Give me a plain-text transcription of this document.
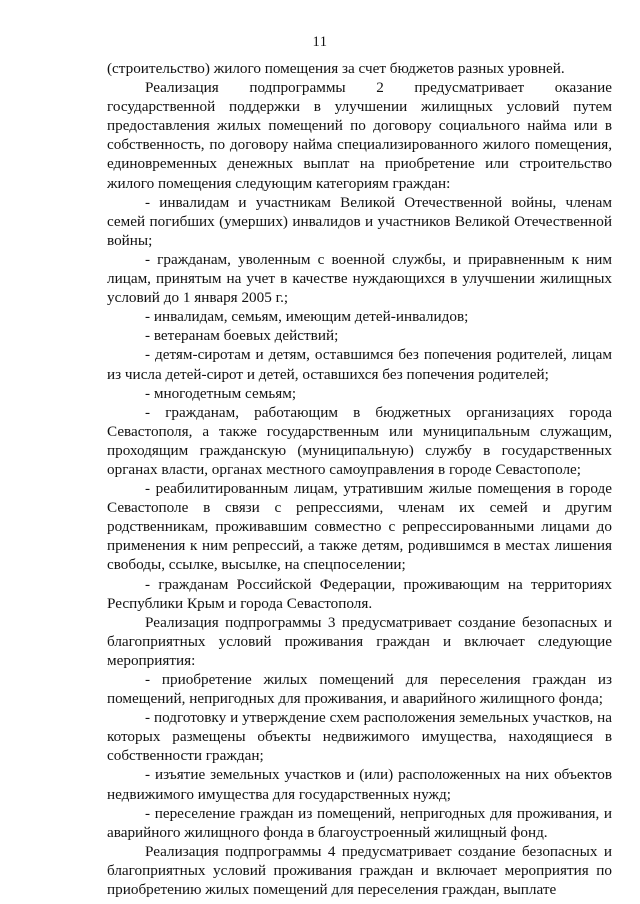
11

(строительство) жилого помещения за счет бюджетов разных уровней.

Реализация подпрограммы 2 предусматривает оказание государственной поддержки в улучшении жилищных условий путем предоставления жилых помещений по договору социального найма или в собственность, по договору найма специализированного жилого помещения, единовременных денежных выплат на приобретение или строительство жилого помещения следующим категориям граждан:

- инвалидам и участникам Великой Отечественной войны, членам семей погибших (умерших) инвалидов и участников Великой Отечественной войны;

- гражданам, уволенным с военной службы, и приравненным к ним лицам, принятым на учет в качестве нуждающихся в улучшении жилищных условий до 1 января 2005 г.;

- инвалидам, семьям, имеющим детей-инвалидов;

- ветеранам боевых действий;

- детям-сиротам и детям, оставшимся без попечения родителей, лицам из числа детей-сирот и детей, оставшихся без попечения родителей;

- многодетным семьям;

- гражданам, работающим в бюджетных организациях города Севастополя, а также государственным или муниципальным служащим, проходящим гражданскую (муниципальную) службу в государственных органах власти, органах местного самоуправления в городе Севастополе;

- реабилитированным лицам, утратившим жилые помещения в городе Севастополе в связи с репрессиями, членам их семей и другим родственникам, проживавшим совместно с репрессированными лицами до применения к ним репрессий, а также детям, родившимся в местах лишения свободы, ссылке, высылке, на спецпоселении;

- гражданам Российской Федерации, проживающим на территориях Республики Крым и города Севастополя.

Реализация подпрограммы 3 предусматривает создание безопасных и благоприятных условий проживания граждан и включает следующие мероприятия:

- приобретение жилых помещений для переселения граждан из помещений, непригодных для проживания, и аварийного жилищного фонда;

- подготовку и утверждение схем расположения земельных участков, на которых размещены объекты недвижимого имущества, находящиеся в собственности граждан;

- изъятие земельных участков и (или) расположенных на них объектов недвижимого имущества для государственных нужд;

- переселение граждан из помещений, непригодных для проживания, и аварийного жилищного фонда в благоустроенный жилищный фонд.

Реализация подпрограммы 4 предусматривает создание безопасных и благоприятных условий проживания граждан и включает мероприятия по приобретению жилых помещений для переселения граждан, выплате
